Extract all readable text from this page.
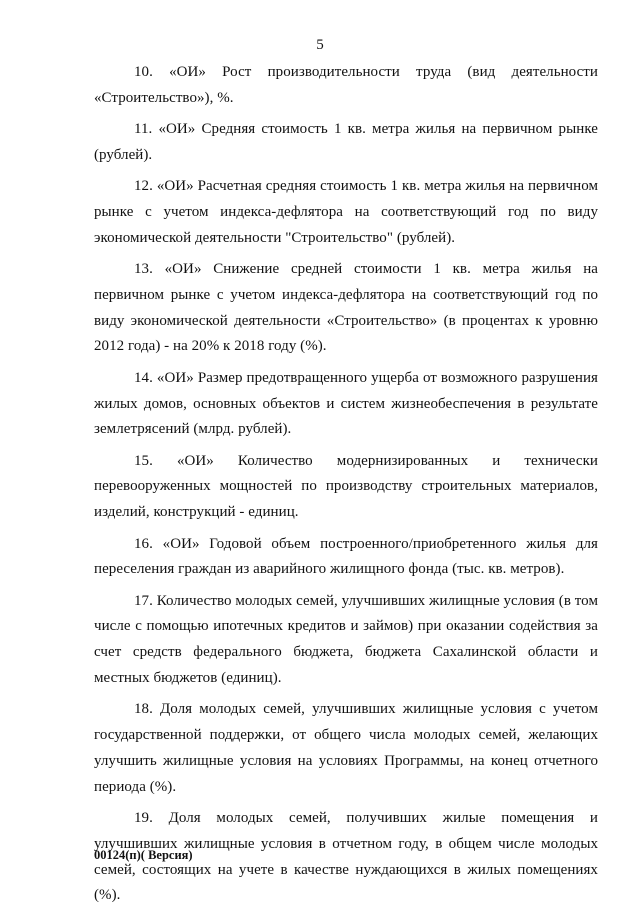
5

10. «ОИ» Рост производительности труда (вид деятельности «Строительство»), %.

11. «ОИ» Средняя стоимость 1 кв. метра жилья на первичном рынке (рублей).

12. «ОИ» Расчетная средняя стоимость 1 кв. метра жилья на первичном рынке с учетом индекса-дефлятора на соответствующий год по виду экономической деятельности "Строительство" (рублей).

13. «ОИ» Снижение средней стоимости 1 кв. метра жилья на первичном рынке с учетом индекса-дефлятора на соответствующий год по виду экономической деятельности «Строительство» (в процентах к уровню 2012 года) - на 20% к 2018 году (%).

14. «ОИ» Размер предотвращенного ущерба от возможного разрушения жилых домов, основных объектов и систем жизнеобеспечения в результате землетрясений (млрд. рублей).

15. «ОИ» Количество модернизированных и технически перевооруженных мощностей по производству строительных материалов, изделий, конструкций - единиц.

16. «ОИ» Годовой объем построенного/приобретенного жилья для переселения граждан из аварийного жилищного фонда (тыс. кв. метров).

17. Количество молодых семей, улучшивших жилищные условия (в том числе с помощью ипотечных кредитов и займов) при оказании содействия за счет средств федерального бюджета, бюджета Сахалинской области и местных бюджетов (единиц).

18. Доля молодых семей, улучшивших жилищные условия с учетом государственной поддержки, от общего числа молодых семей, желающих улучшить жилищные условия на условиях Программы, на конец отчетного периода (%).

19. Доля молодых семей, получивших жилые помещения и улучшивших жилищные условия в отчетном году, в общем числе молодых семей, состоящих на учете в качестве нуждающихся в жилых помещениях (%).

00124(п)( Версия)
